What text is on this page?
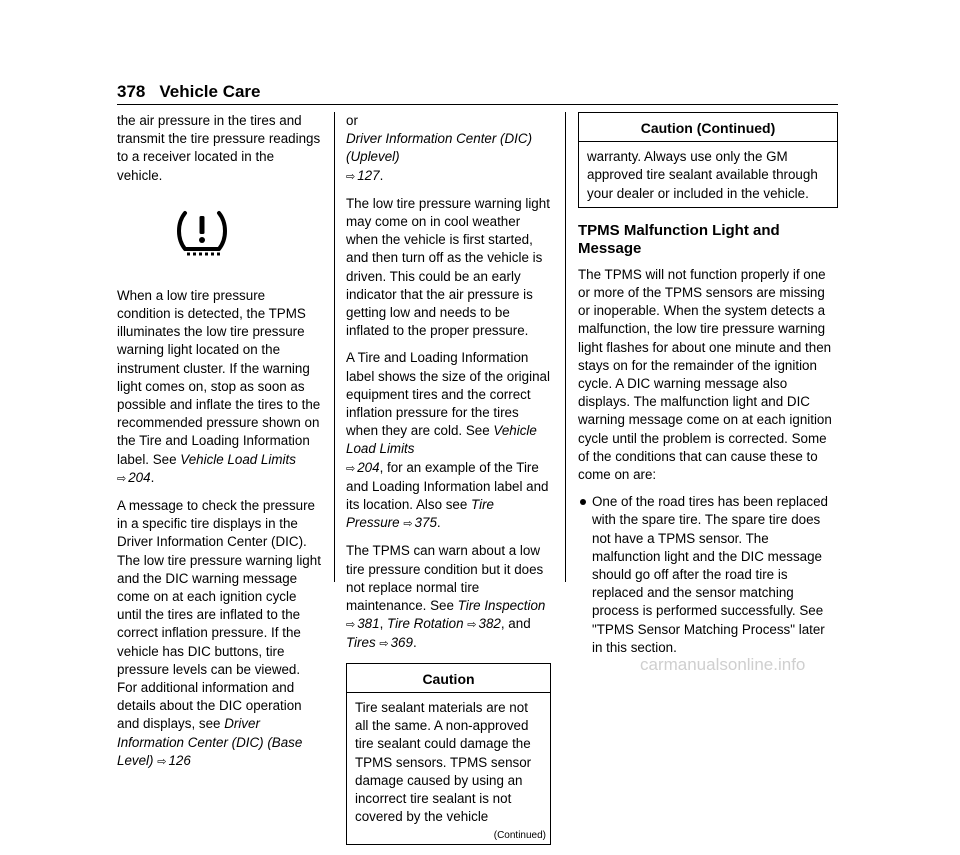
378 Vehicle Care

the air pressure in the tires and transmit the tire pressure readings to a receiver located in the vehicle.

When a low tire pressure condition is detected, the TPMS illuminates the low tire pressure warning light located on the instrument cluster. If the warning light comes on, stop as soon as possible and inflate the tires to the recommended pressure shown on the Tire and Loading Information label. See Vehicle Load Limits
⇨ 204.

A message to check the pressure in a specific tire displays in the Driver Information Center (DIC). The low tire pressure warning light and the DIC warning message come on at each ignition cycle until the tires are inflated to the correct inflation pressure. If the vehicle has DIC buttons, tire pressure levels can be viewed. For additional information and details about the DIC operation and displays, see Driver Information Center (DIC) (Base Level) ⇨ 126

or
Driver Information Center (DIC) (Uplevel)
⇨ 127.

The low tire pressure warning light may come on in cool weather when the vehicle is first started, and then turn off as the vehicle is driven. This could be an early indicator that the air pressure is getting low and needs to be inflated to the proper pressure.

A Tire and Loading Information label shows the size of the original equipment tires and the correct inflation pressure for the tires when they are cold. See Vehicle Load Limits
⇨ 204, for an example of the Tire and Loading Information label and its location. Also see Tire Pressure ⇨ 375.

The TPMS can warn about a low tire pressure condition but it does not replace normal tire maintenance. See Tire Inspection
⇨ 381, Tire Rotation ⇨ 382, and Tires ⇨ 369.

Caution
Tire sealant materials are not all the same. A non-approved tire sealant could damage the TPMS sensors. TPMS sensor damage caused by using an incorrect tire sealant is not covered by the vehicle
(Continued)
Caution (Continued)
warranty. Always use only the GM approved tire sealant available through your dealer or included in the vehicle.
TPMS Malfunction Light and Message

The TPMS will not function properly if one or more of the TPMS sensors are missing or inoperable. When the system detects a malfunction, the low tire pressure warning light flashes for about one minute and then stays on for the remainder of the ignition cycle. A DIC warning message also displays. The malfunction light and DIC warning message come on at each ignition cycle until the problem is corrected. Some of the conditions that can cause these to come on are:

One of the road tires has been replaced with the spare tire. The spare tire does not have a TPMS sensor. The malfunction light and the DIC message should go off after the road tire is replaced and the sensor matching process is performed successfully. See "TPMS Sensor Matching Process" later in this section.
carmanualsonline.info
